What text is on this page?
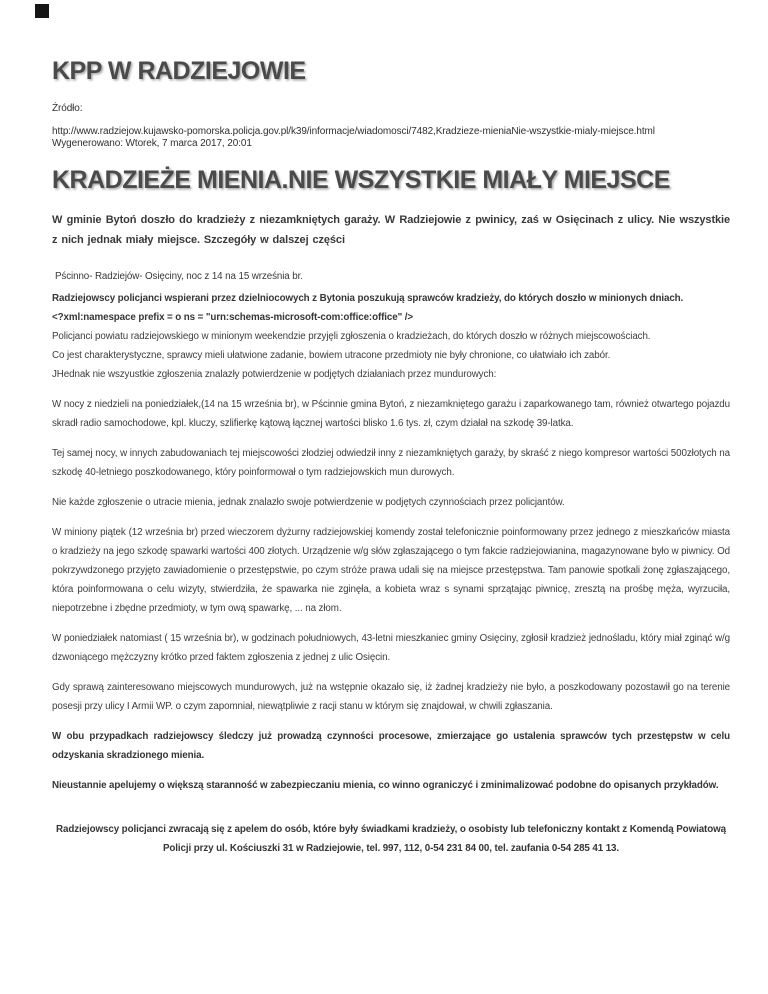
KPP W RADZIEJOWIE
Źródło:
http://www.radziejow.kujawsko-pomorska.policja.gov.pl/k39/informacje/wiadomosci/7482,Kradzieze-mieniaNie-wszystkie-mialy-miejsce.html
Wygenerowano: Wtorek, 7 marca 2017, 20:01
KRADZIEŻE MIENIA.NIE WSZYSTKIE MIAŁY MIEJSCE

W gminie Bytoń doszło do kradzieży z niezamkniętych garaży. W Radziejowie z pwinicy, zaś w Osięcinach z ulicy. Nie wszystkie z nich jednak miały miejsce. Szczegóły w dalszej części

Pścinno- Radziejów- Osięciny, noc z 14 na 15 września br.

Radziejowscy policjanci wspierani przez dzielniocowych z Bytonia poszukują sprawców kradzieży, do których doszło w minionych dniach.

<?xml:namespace prefix = o ns = "urn:schemas-microsoft-com:office:office" />

Policjanci powiatu radziejowskiego w minionym weekendzie przyjęli zgłoszenia o kradzieżach, do których doszło w różnych miejscowościach.

Co jest charakterystyczne, sprawcy mieli ułatwione zadanie, bowiem utracone przedmioty nie były chronione, co ułatwiało ich zabór.

JHednak nie wszyustkie zgłoszenia znalazły potwierdzenie w podjętych działaniach przez mundurowych:

W nocy z niedzieli na poniedziałek,(14 na 15 września br), w Pścinnie gmina Bytoń, z niezamkniętego garażu i zaparkowanego tam, również otwartego pojazdu skradł radio samochodowe, kpl. kluczy, szlifierkę kątową łącznej wartości blisko 1.6 tys. zł, czym działał na szkodę 39-latka.

Tej samej nocy, w innych zabudowaniach tej miejscowości złodziej odwiedził inny z niezamkniętych garaży, by skraść z niego kompresor wartości 500złotych na szkodę 40-letniego poszkodowanego, który poinformował o tym radziejowskich mun durowych.

Nie każde zgłoszenie o utracie mienia, jednak znalazło swoje potwierdzenie w podjętych czynnościach przez policjantów.

W miniony piątek (12 września br) przed wieczorem dyżurny radziejowskiej komendy został telefonicznie poinformowany przez jednego z mieszkańców miasta o kradzieży na jego szkodę spawarki wartości 400 złotych. Urządzenie w/g słów zgłaszającego o tym fakcie radziejowianina, magazynowane było w piwnicy. Od pokrzywdzonego przyjęto zawiadomienie o przestępstwie, po czym stróże prawa udali się na miejsce przestępstwa. Tam panowie spotkali żonę zgłaszającego, która poinformowana o celu wizyty, stwierdziła, że spawarka nie zginęła, a kobieta wraz s synami sprzątając piwnicę, zresztą na prośbę męża, wyrzuciła, niepotrzebne i zbędne przedmioty, w tym ową spawarkę, ... na złom.

W poniedziałek natomiast ( 15 września br), w godzinach południowych, 43-letni mieszkaniec gminy Osięciny, zgłosił kradzież jednośladu, który miał zginąć w/g dzwoniącego mężczyzny krótko przed faktem zgłoszenia z jednej z ulic Osięcin.

Gdy sprawą zainteresowano miejscowych mundurowych, już na wstępnie okazało się, iż żadnej kradzieży nie było, a poszkodowany pozostawił go na terenie posesji przy ulicy I Armii WP. o czym zapomniał, niewątpliwie z racji stanu w którym się znajdował, w chwili zgłaszania.

W obu przypadkach radziejowscy śledczy już prowadzą czynności procesowe, zmierzające go ustalenia sprawców tych przestępstw w celu odzyskania skradzionego mienia.

Nieustannie apelujemy o większą staranność w zabezpieczaniu mienia, co winno ograniczyć i zminimalizować podobne do opisanych przykładów.

Radziejowscy policjanci zwracają się z apelem do osób, które były świadkami kradzieży, o osobisty lub telefoniczny kontakt z Komendą Powiatową Policji przy ul. Kościuszki 31 w Radziejowie, tel. 997, 112, 0-54 231 84 00, tel. zaufania 0-54 285 41 13.
